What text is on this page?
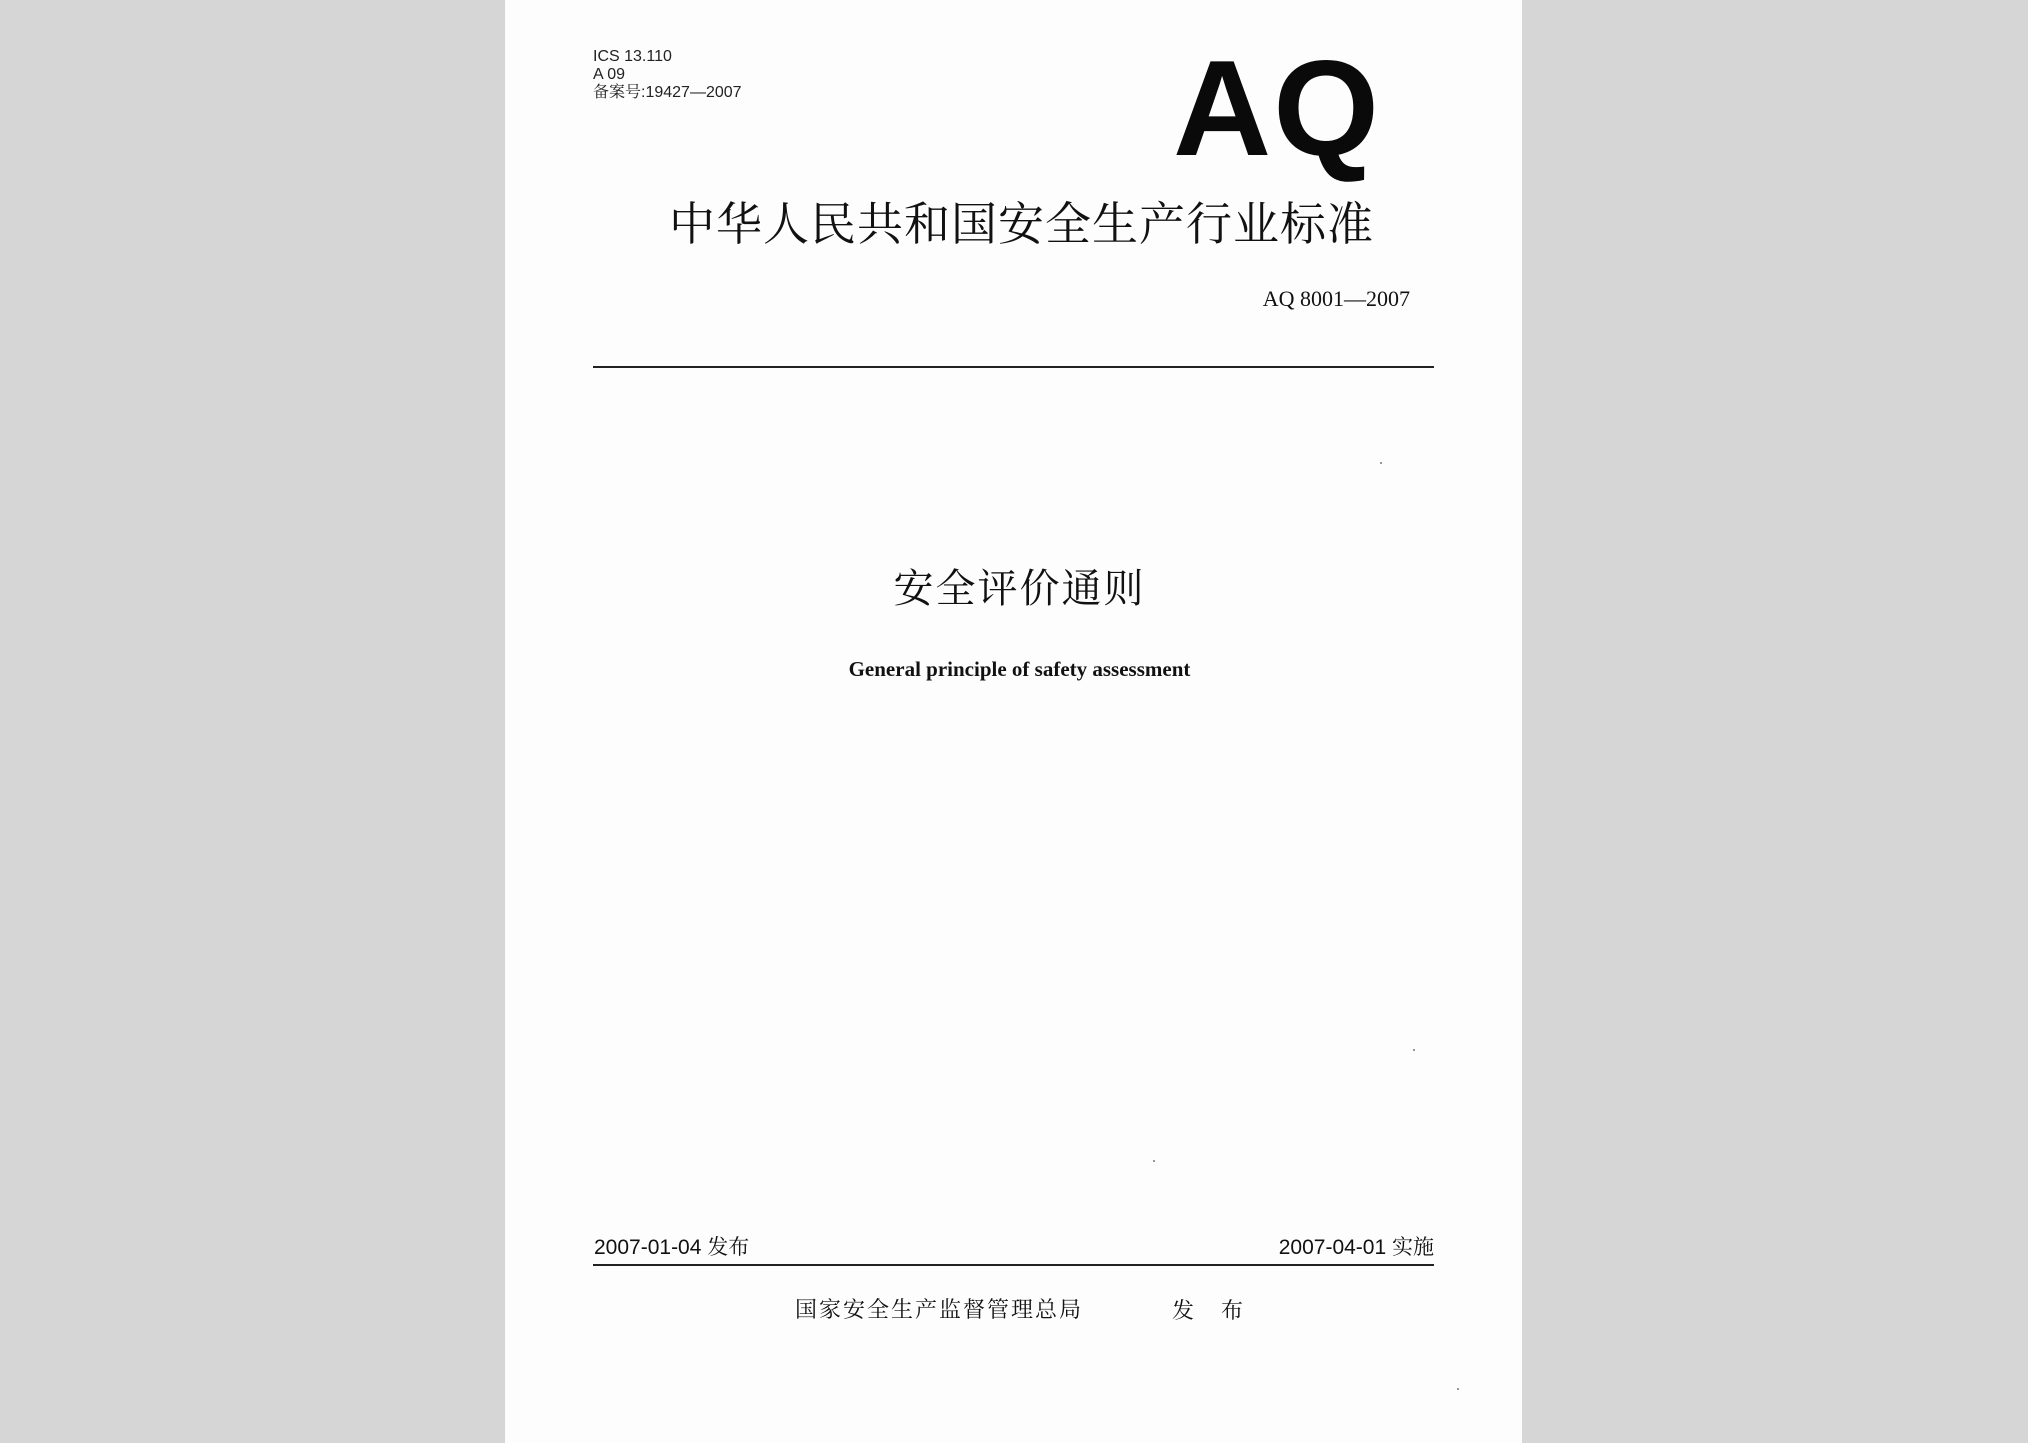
ICS 13.110
A 09
备案号:19427—2007	AQ
中华人民共和国安全生产行业标准
AQ 8001—2007
安全评价通则
General principle of safety assessment
2007-01-04 发布	2007-04-01 实施
国家安全生产监督管理总局	发 布
